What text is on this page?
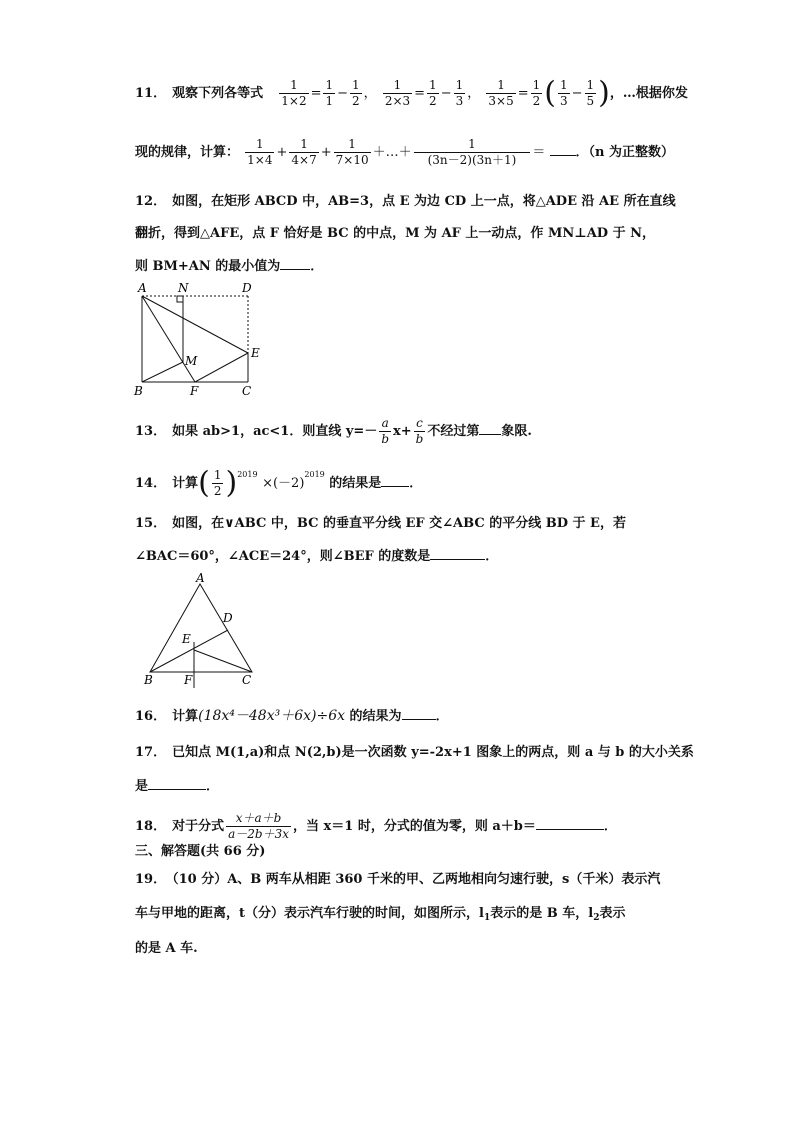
11． 观察下列各等式 $\frac{1}{1\times 2} = \frac{1}{1} - \frac{1}{2}$ ， $\frac{1}{2\times 3} = \frac{1}{2} - \frac{1}{3}$ ， $\frac{1}{3\times 5} = \frac{1}{2}$ ( $\frac{1}{3} - \frac{1}{5}$ )，…根据你发
现的规律，计算： $\frac{1}{1\times 4} + \frac{1}{4\times 7} + \frac{1}{7\times 10}$ ＋…＋ $\frac{1}{(3n-2)(3n+1)}$ ＝ ．（n 为正整数）
12． 如图，在矩形 ABCD 中，AB=3，点 E 为边 CD 上一点，将△ADE 沿 AE 所在直线
翻折，得到△AFE，点 F 恰好是 BC 的中点，M 为 AF 上一动点，作 MN⊥AD 于 N，
则 BM+AN 的最小值为 ．
A	N	D
M
E
B	F	C
13． 如果 ab>1，ac<1．则直线 $y=- \frac{a}{b} x+ \frac{c}{b}$ 不经过第 象限.
14． 计算( $\frac{1}{2} )^{2019} \times(-2)^{2019}$ 的结果是 ．
15． 如图，在∨ABC 中，BC 的垂直平分线 EF 交∠ABC 的平分线 BD 于 E，若
∠BAC＝60°，∠ACE＝24°，则∠BEF 的度数是	．
A
D
E
B	F	C
16． 计算(18x⁴－48x³＋6x)÷6x 的结果为	．
17． 已知点 M(1,a)和点 N(2,b)是一次函数 y=-2x+1 图象上的两点，则 a 与 b 的大小关系
是	．
18． 对于分式 $\frac{x+a+b}{a-2b+3x}$ ，当 x＝1 时，分式的值为零，则 a＋b＝	．
三、解答题(共 66 分)
19． （10 分）A、B 两车从相距 360 千米的甲、乙两地相向匀速行驶，s（千米）表示汽
车与甲地的距离，t（分）表示汽车行驶的时间，如图所示，$l_1$表示的是 B 车，$l_2$表示
的是 A 车.
